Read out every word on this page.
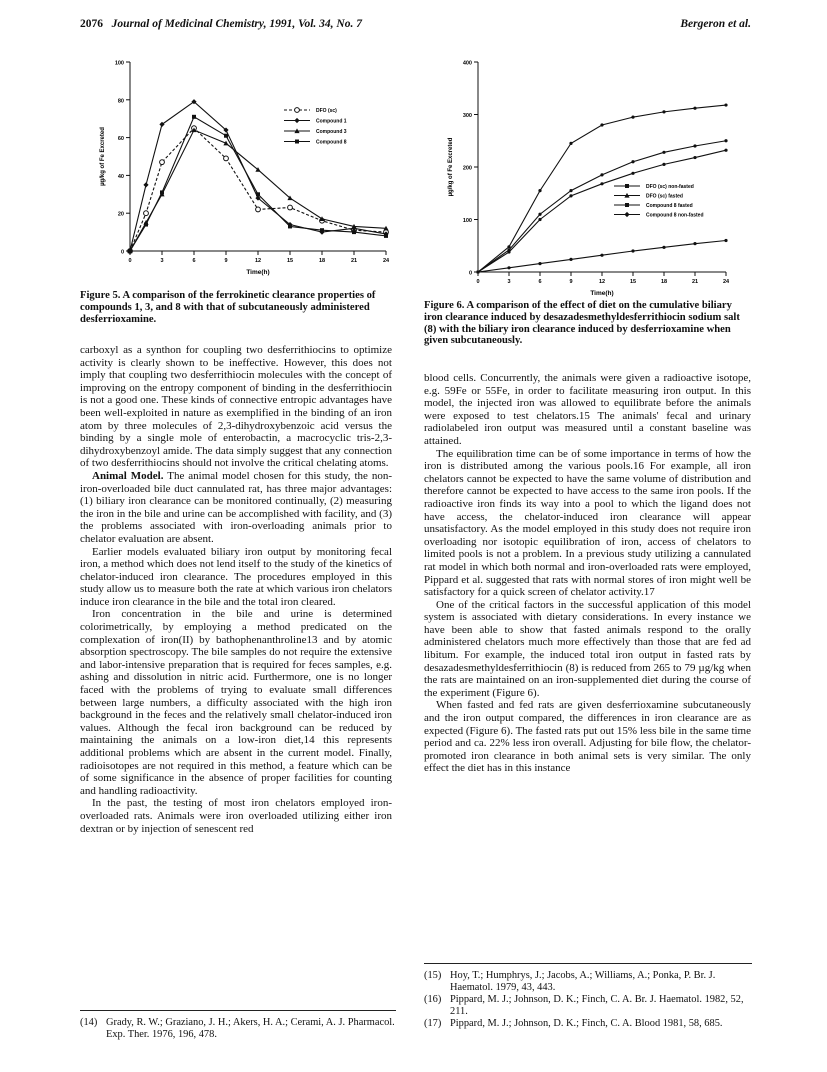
2076 Journal of Medicinal Chemistry, 1991, Vol. 34, No. 7	Bergeron et al.
0
20
40
60
80
100
0	3	6	9	12	15	18	21	24
Time(h)
µg/kg of Fe Excreted
DFO (sc)
Compound 1
Compound 3
Compound 8
Figure 5. A comparison of the ferrokinetic clearance properties of compounds 1, 3, and 8 with that of subcutaneously administered desferrioxamine.
0
100
200
300
400
0	3	6	9	12	15	18	21	24
Time(h)
µg/kg of Fe Excreted	DFO (sc) non-fasted
DFO (sc) fasted
Compound 8 fasted
Compound 8 non-fasted
Figure 6. A comparison of the effect of diet on the cumulative biliary iron clearance induced by desazadesmethyldesferrithiocin sodium salt (8) with the biliary iron clearance induced by desferrioxamine when given subcutaneously.

carboxyl as a synthon for coupling two desferrithiocins to optimize activity is clearly shown to be ineffective. However, this does not imply that coupling two desferrithiocin molecules with the concept of improving on the entropy component of binding in the desferrithiocin is not a good one. These kinds of connective entropic advantages have been well-exploited in nature as exemplified in the binding of an iron atom by three molecules of 2,3-dihydroxybenzoic acid versus the binding by a single mole of enterobactin, a macrocyclic tris-2,3-dihydroxybenzoyl amide. The data simply suggest that any connection of two desferrithiocins should not involve the critical chelating atoms.

Animal Model. The animal model chosen for this study, the non-iron-overloaded bile duct cannulated rat, has three major advantages: (1) biliary iron clearance can be monitored continually, (2) measuring the iron in the bile and urine can be accomplished with facility, and (3) the problems associated with iron-overloading animals prior to chelator evaluation are absent.

Earlier models evaluated biliary iron output by monitoring fecal iron, a method which does not lend itself to the study of the kinetics of chelator-induced iron clearance. The procedures employed in this study allow us to measure both the rate at which various iron chelators induce iron clearance in the bile and the total iron cleared.

Iron concentration in the bile and urine is determined colorimetrically, by employing a method predicated on the complexation of iron(II) by bathophenanthroline13 and by atomic absorption spectroscopy. The bile samples do not require the extensive and labor-intensive preparation that is required for feces samples, e.g. ashing and dissolution in nitric acid. Furthermore, one is no longer faced with the problems of trying to evaluate small differences between large numbers, a difficulty associated with the high iron background in the feces and the relatively small chelator-induced iron values. Although the fecal iron background can be reduced by maintaining the animals on a low-iron diet,14 this represents additional problems which are absent in the current model. Finally, radioisotopes are not required in this method, a feature which can be of some significance in the absence of proper facilities for counting and handling radioactivity.

In the past, the testing of most iron chelators employed iron-overloaded rats. Animals were iron overloaded utilizing either iron dextran or by injection of senescent red

blood cells. Concurrently, the animals were given a radioactive isotope, e.g. 59Fe or 55Fe, in order to facilitate measuring iron output. In this model, the injected iron was allowed to equilibrate before the animals were exposed to test chelators.15 The animals' fecal and urinary radiolabeled iron output was measured until a constant baseline was attained.

The equilibration time can be of some importance in terms of how the iron is distributed among the various pools.16 For example, all iron chelators cannot be expected to have the same volume of distribution and therefore cannot be expected to have access to the same iron pools. If the radioactive iron finds its way into a pool to which the ligand does not have access, the chelator-induced iron clearance will appear unsatisfactory. As the model employed in this study does not require iron overloading nor isotopic equilibration of iron, access of chelators to limited pools is not a problem. In a previous study utilizing a cannulated rat model in which both normal and iron-overloaded rats were employed, Pippard et al. suggested that rats with normal stores of iron might well be satisfactory for a quick screen of chelator activity.17

One of the critical factors in the successful application of this model system is associated with dietary considerations. In every instance we have been able to show that fasted animals respond to the orally administered chelators much more effectively than those that are fed ad libitum. For example, the induced total iron output in fasted rats by desazadesmethyldesferrithiocin (8) is reduced from 265 to 79 µg/kg when the rats are maintained on an iron-supplemented diet during the course of the experiment (Figure 6).

When fasted and fed rats are given desferrioxamine subcutaneously and the iron output compared, the differences in iron clearance are as expected (Figure 6). The fasted rats put out 15% less bile in the same time period and ca. 22% less iron overall. Adjusting for bile flow, the chelator-promoted iron clearance in both animal sets is very similar. The only effect the diet has in this instance

(14) Grady, R. W.; Graziano, J. H.; Akers, H. A.; Cerami, A. J. Pharmacol. Exp. Ther. 1976, 196, 478.
(15) Hoy, T.; Humphrys, J.; Jacobs, A.; Williams, A.; Ponka, P. Br. J. Haematol. 1979, 43, 443.
(16) Pippard, M. J.; Johnson, D. K.; Finch, C. A. Br. J. Haematol. 1982, 52, 211.
(17) Pippard, M. J.; Johnson, D. K.; Finch, C. A. Blood 1981, 58, 685.
